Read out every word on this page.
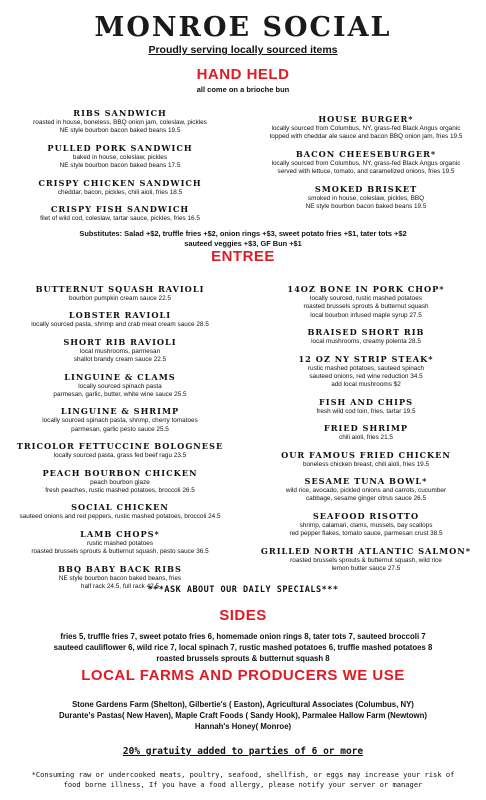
MONROE SOCIAL
Proudly serving locally sourced items
HAND HELD
all come on a brioche bun
RIBS SANDWICH
roasted in house, boneless, BBQ onion jam, coleslaw, pickles
NE style bourbon bacon baked beans 19.5
PULLED PORK SANDWICH
baked in house, coleslaw, pickles
NE style bourbon bacon baked beans 17.5
CRISPY CHICKEN SANDWICH
cheddar, bacon, pickles, chili aioli, fries 18.5
CRISPY FISH SANDWICH
filet of wild cod, coleslaw, tartar sauce, pickles, fries 16.5
HOUSE BURGER*
locally sourced from Columbus, NY, grass-fed Black Angus organic
topped with cheddar ale sauce and bacon BBQ onion jam, fries 19.5
BACON CHEESEBURGER*
locally sourced from Columbus, NY, grass-fed Black Angus organic
served with lettuce, tomato, and caramelized onions, fries 19.5
SMOKED BRISKET
smoked in house, coleslaw, pickles, BBQ
NE style bourbon bacon baked beans 19.5
Substitutes: Salad +$2, truffle fries +$2, onion rings +$3, sweet potato fries +$1, tater tots +$2
sauteed veggies +$3, GF Bun +$1
ENTREE
BUTTERNUT SQUASH RAVIOLI
bourbon pumpkin cream sauce 22.5
LOBSTER RAVIOLI
locally sourced pasta, shrimp and crab meat cream sauce 28.5
SHORT RIB RAVIOLI
local mushrooms, parmesan
shallot brandy cream sauce 22.5
LINGUINE & CLAMS
locally sourced spinach pasta
parmesan, garlic, butter, white wine sauce 25.5
LINGUINE & SHRIMP
locally sourced spinach pasta, shrimp, cherry tomatoes
parmesan, garlic pesto sauce 25.5
TRICOLOR FETTUCCINE BOLOGNESE
locally sourced pasta, grass fed beef ragu 23.5
PEACH BOURBON CHICKEN
peach bourbon glaze
fresh peaches, rustic mashed potatoes, broccoli 26.5
SOCIAL CHICKEN
sauteed onions and red peppers, rustic mashed potatoes, broccoli 24.5
LAMB CHOPS*
rustic mashed potatoes
roasted brussels sprouts & butternut squash, pesto sauce 36.5
BBQ BABY BACK RIBS
NE style bourbon bacon baked beans, fries
half rack 24.5, full rack 42.5
14OZ BONE IN PORK CHOP*
locally sourced, rustic mashed potatoes
roasted brussels sprouts & butternut squash
local bourbon infused maple syrup 27.5
BRAISED SHORT RIB
local mushrooms, creamy polenta 28.5
12 OZ NY STRIP STEAK*
rustic mashed potatoes, sauteed spinach
sauteed onions, red wine reduction 34.5
add local mushrooms $2
FISH AND CHIPS
fresh wild cod loin, fries, tartar 19.5
FRIED SHRIMP
chili aioli, fries 21.5
OUR FAMOUS FRIED CHICKEN
boneless chicken breast, chili aioli, fries 19.5
SESAME TUNA BOWL*
wild rice, avocado, pickled onions and carrots, cucumber
cabbage, sesame ginger citrus sauce 26.5
SEAFOOD RISOTTO
shrimp, calamari, clams, mussels, bay scallops
red pepper flakes, tomato sauce, parmesan crust 38.5
GRILLED NORTH ATLANTIC SALMON*
roasted brussels sprouts & butternut squash, wild rice
lemon butter sauce 27.5
***ASK ABOUT OUR DAILY SPECIALS***
SIDES
fries 5, truffle fries 7, sweet potato fries 6, homemade onion rings 8, tater tots 7, sauteed broccoli 7
sauteed cauliflower 6, wild rice 7, local spinach 7, rustic mashed potatoes 6, truffle mashed potatoes 8
roasted brussels sprouts & butternut squash 8
LOCAL FARMS AND PRODUCERS WE USE
Stone Gardens Farm (Shelton), Gilbertie's ( Easton), Agricultural Associates (Columbus, NY)
Durante's Pastas( New Haven), Maple Craft Foods ( Sandy Hook), Parmalee Hallow Farm (Newtown)
Hannah's Honey( Monroe)
20% gratuity added to parties of 6 or more
*Consuming raw or undercooked meats, poultry, seafood, shellfish, or eggs may increase your risk of
food borne illness, If you have a food allergy, please notify your server or manager
